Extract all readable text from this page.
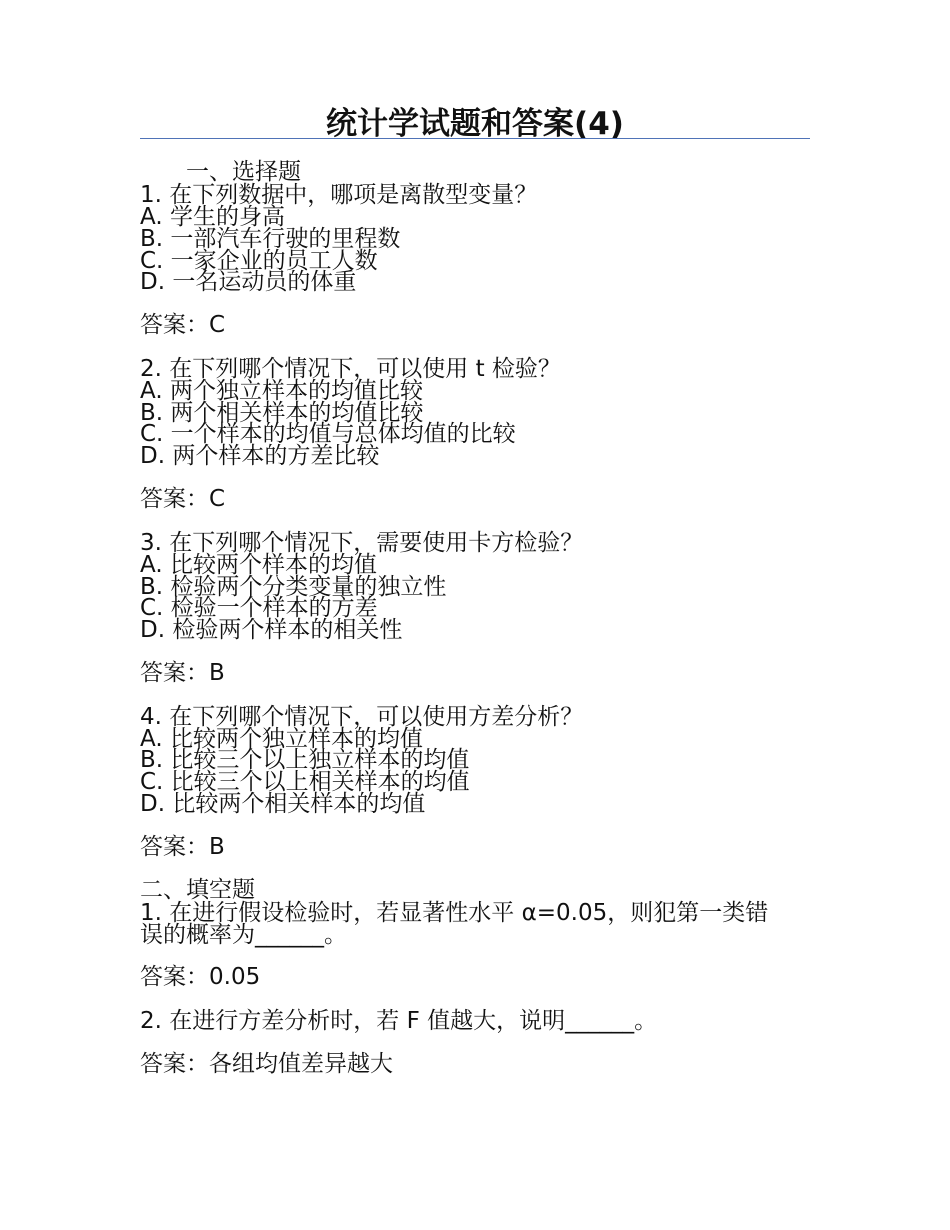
统计学试题和答案(4)
一、选择题
1. 在下列数据中，哪项是离散型变量？
A. 学生的身高
B. 一部汽车行驶的里程数
C. 一家企业的员工人数
D. 一名运动员的体重
答案：C
2. 在下列哪个情况下，可以使用 t 检验？
A. 两个独立样本的均值比较
B. 两个相关样本的均值比较
C. 一个样本的均值与总体均值的比较
D. 两个样本的方差比较
答案：C
3. 在下列哪个情况下，需要使用卡方检验？
A. 比较两个样本的均值
B. 检验两个分类变量的独立性
C. 检验一个样本的方差
D. 检验两个样本的相关性
答案：B
4. 在下列哪个情况下，可以使用方差分析？
A. 比较两个独立样本的均值
B. 比较三个以上独立样本的均值
C. 比较三个以上相关样本的均值
D. 比较两个相关样本的均值
答案：B
二、填空题
1. 在进行假设检验时，若显著性水平 α=0.05，则犯第一类错
误的概率为______。
答案：0.05
2. 在进行方差分析时，若 F 值越大，说明______。
答案：各组均值差异越大
